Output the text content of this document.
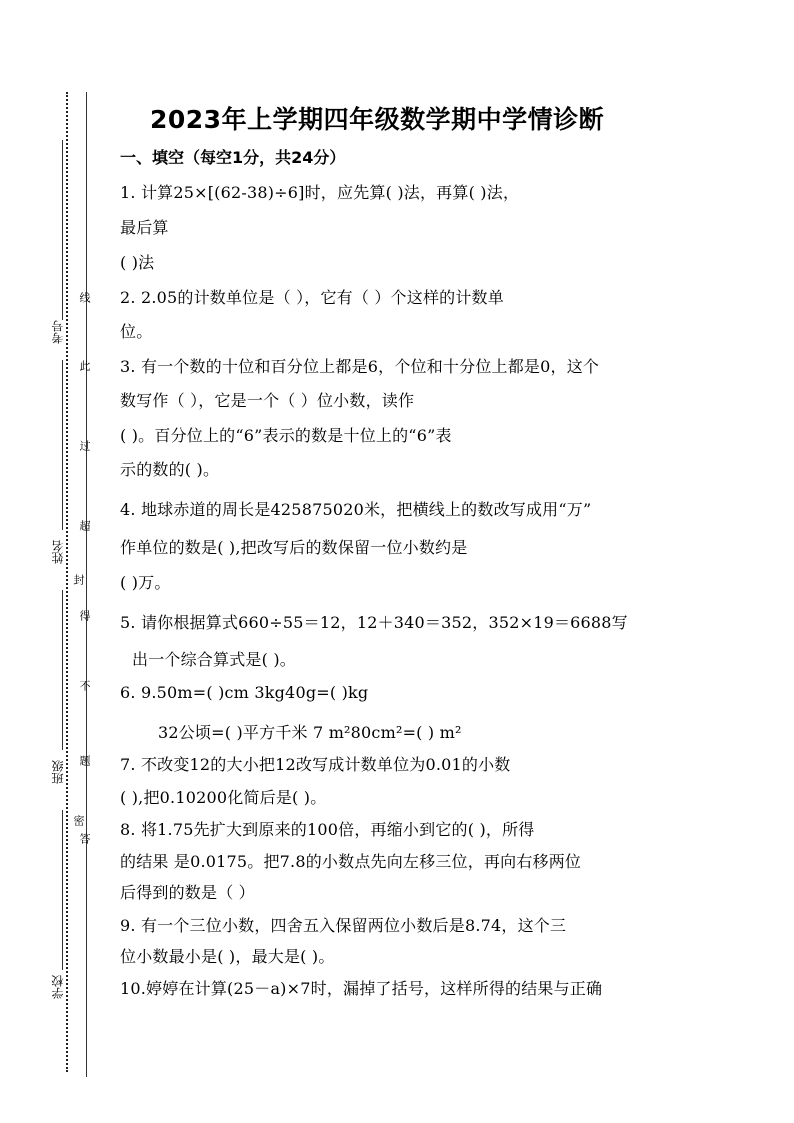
考号
姓名
班级
学校
线
此
过
超
封
得
不
题
答
密
2023年上学期四年级数学期中学情诊断
一、填空（每空1分，共24分）
1. 计算25×[(62-38)÷6]时，应先算( )法，再算( )法，
最后算
( )法
2. 2.05的计数单位是（ ），它有（ ）个这样的计数单
位。
3. 有一个数的十位和百分位上都是6，个位和十分位上都是0，这个
数写作（ ），它是一个（ ）位小数，读作
( )。百分位上的“6”表示的数是十位上的“6”表
示的数的( )。
4. 地球赤道的周长是425875020米，把横线上的数改写成用“万”
作单位的数是( ),把改写后的数保留一位小数约是
( )万。
5. 请你根据算式660÷55＝12，12＋340＝352，352×19＝6688写
出一个综合算式是( )。
6. 9.50m=( )cm 3kg40g=( )kg
32公顷=( )平方千米 7 m²80cm²=( ) m²
7. 不改变12的大小把12改写成计数单位为0.01的小数
( ),把0.10200化简后是( )。
8. 将1.75先扩大到原来的100倍，再缩小到它的( )，所得
的结果 是0.0175。把7.8的小数点先向左移三位，再向右移两位
后得到的数是（ ）
9. 有一个三位小数，四舍五入保留两位小数后是8.74，这个三
位小数最小是( )，最大是( )。
10.婷婷在计算(25－a)×7时，漏掉了括号，这样所得的结果与正确
